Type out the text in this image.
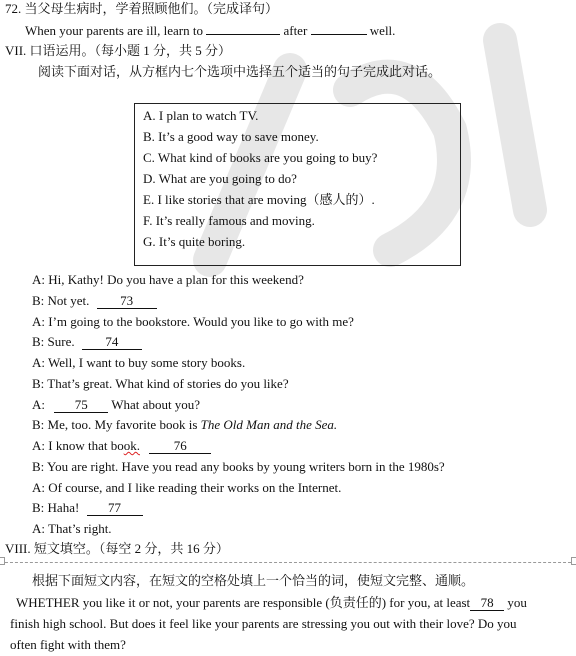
72. 当父母生病时，学着照顾他们。（完成译句）
When your parents are ill, learn to	after	well.
VII. 口语运用。（每小题 1 分，共 5 分）
阅读下面对话，从方框内七个选项中选择五个适当的句子完成此对话。
A. I plan to watch TV.
B. It’s a good way to save money.
C. What kind of books are you going to buy?
D. What are you going to do?
E. I like stories that are moving（感人的）.
F. It’s really famous and moving.
G. It’s quite boring.
A: Hi, Kathy! Do you have a plan for this weekend?
B: Not yet. 73
A: I’m going to the bookstore. Would you like to go with me?
B: Sure. 74
A: Well, I want to buy some story books.
B: That’s great. What kind of stories do you like?
A: 75 What about you?
B: Me, too. My favorite book is The Old Man and the Sea.
A: I know that book.	76
B: You are right. Have you read any books by young writers born in the 1980s?
A: Of course, and I like reading their works on the Internet.
B: Haha! 77
A: That’s right.
VIII. 短文填空。（每空 2 分，共 16 分）
根据下面短文内容，在短文的空格处填上一个恰当的词，使短文完整、通顺。
WHETHER you like it or not, your parents are responsible (负责任的) for you, at least 78 you
finish high school. But does it feel like your parents are stressing you out with their love? Do you
often fight with them?
